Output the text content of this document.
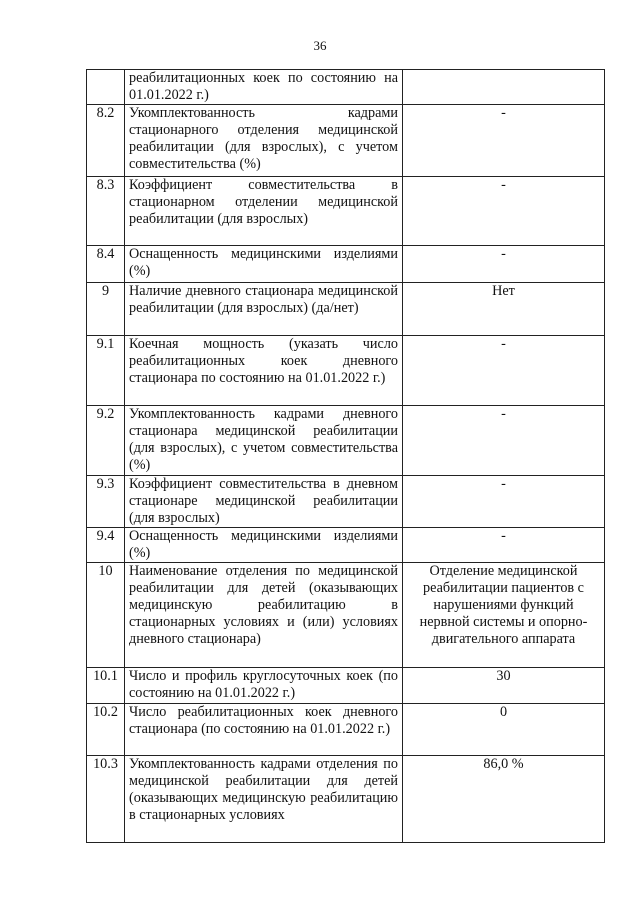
36
	реабилитационных коек по состоянию на 01.01.2022 г.)	
8.2	Укомплектованность кадрами стационарного отделения медицинской реабилитации (для взрослых), с учетом совместительства (%)	-
8.3	Коэффициент совместительства в стационарном отделении медицинской реабилитации (для взрослых)	-
8.4	Оснащенность медицинскими изделиями (%)	-
9	Наличие дневного стационара медицинской реабилитации (для взрослых) (да/нет)	Нет
9.1	Коечная мощность (указать число реабилитационных коек дневного стационара по состоянию на 01.01.2022 г.)	-
9.2	Укомплектованность кадрами дневного стационара медицинской реабилитации (для взрослых), с учетом совместительства (%)	-
9.3	Коэффициент совместительства в дневном стационаре медицинской реабилитации (для взрослых)	-
9.4	Оснащенность медицинскими изделиями (%)	-
10	Наименование отделения по медицинской реабилитации для детей (оказывающих медицинскую реабилитацию в стационарных условиях и (или) условиях дневного стационара)	Отделение медицинской реабилитации пациентов с нарушениями функций нервной системы и опорно-двигательного аппарата
10.1	Число и профиль круглосуточных коек (по состоянию на 01.01.2022 г.)	30
10.2	Число реабилитационных коек дневного стационара (по состоянию на 01.01.2022 г.)	0
10.3	Укомплектованность кадрами отделения по медицинской реабилитации для детей (оказывающих медицинскую реабилитацию в стационарных условиях	86,0 %
